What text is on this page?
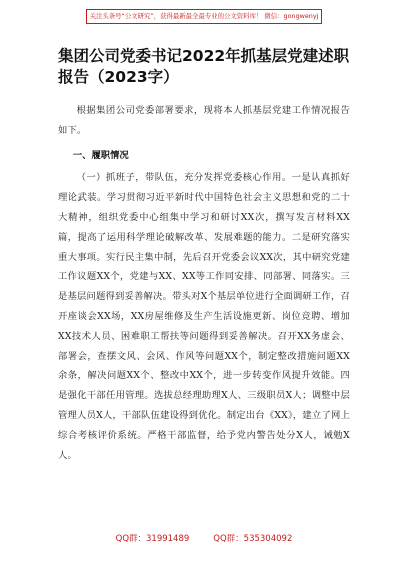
关注头条号“公文研究”，获得最新最全最专业的公文资料库！ 微信：gongwenyj
集团公司党委书记2022年抓基层党建述职报告（2023字）

根据集团公司党委部署要求，现将本人抓基层党建工作情况报告如下。

一、履职情况

（一）抓班子，带队伍，充分发挥党委核心作用。一是认真抓好理论武装。学习贯彻习近平新时代中国特色社会主义思想和党的二十大精神，组织党委中心组集中学习和研讨XX次，撰写发言材料XX篇，提高了运用科学理论破解改革、发展难题的能力。二是研究落实重大事项。实行民主集中制，先后召开党委会议XX次，其中研究党建工作议题XX个，党建与XX、XX等工作同安排、同部署、同落实。三是基层问题得到妥善解决。带头对X个基层单位进行全面调研工作，召开座谈会XX场，XX房屋维修及生产生活设施更新、岗位竞聘、增加XX技术人员、困难职工帮扶等问题得到妥善解决。召开XX务虚会、部署会，查摆文风、会风、作风等问题XX个，制定整改措施问题XX余条，解决问题XX个、整改中XX个，进一步转变作风提升效能。四是强化干部任用管理。选拔总经理助理X人、三级职员X人；调整中层管理人员X人，干部队伍建设得到优化。制定出台《XX》，建立了网上综合考核评价系统。严格干部监督，给予党内警告处分X人，诫勉X人。

QQ群：31991489	QQ群：535304092
